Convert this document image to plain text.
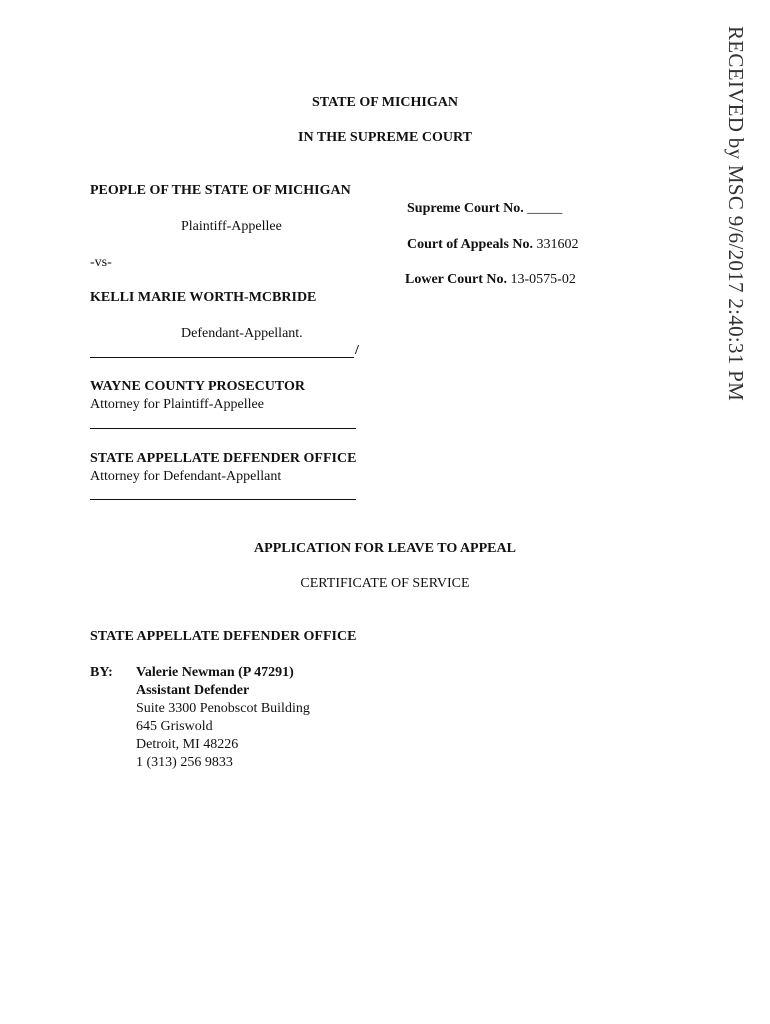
RECEIVED by MSC 9/6/2017 2:40:31 PM
STATE OF MICHIGAN
IN THE SUPREME COURT
PEOPLE OF THE STATE OF MICHIGAN
Plaintiff-Appellee
-vs-
KELLI MARIE WORTH-MCBRIDE
Defendant-Appellant.
/
Supreme Court No. _____
Court of Appeals No. 331602
Lower Court No. 13-0575-02
WAYNE COUNTY PROSECUTOR
Attorney for Plaintiff-Appellee
STATE APPELLATE DEFENDER OFFICE
Attorney for Defendant-Appellant
APPLICATION FOR LEAVE TO APPEAL
CERTIFICATE OF SERVICE
STATE APPELLATE DEFENDER OFFICE
BY: Valerie Newman (P 47291)
Assistant Defender
Suite 3300 Penobscot Building
645 Griswold
Detroit, MI 48226
1 (313) 256 9833
